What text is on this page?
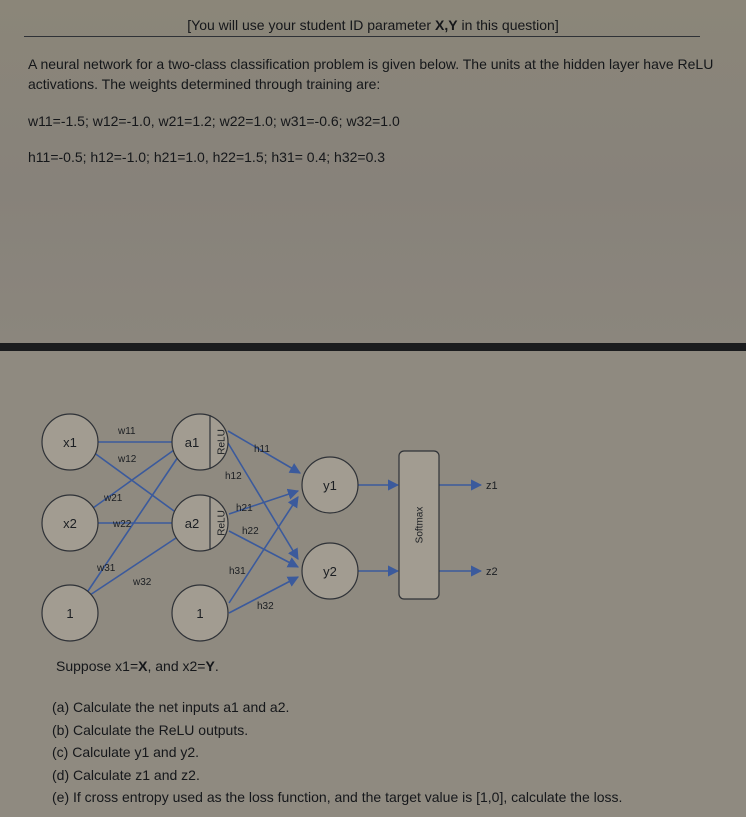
[You will use your student ID parameter X,Y in this question]
A neural network for a two-class classification problem is given below. The units at the hidden layer have ReLU activations. The weights determined through training are:
w11=-1.5; w12=-1.0, w21=1.2; w22=1.0; w31=-0.6; w32=1.0
h11=-0.5; h12=-1.0; h21=1.0, h22=1.5; h31= 0.4; h32=0.3
x1
x2
1
a1
a2
1
y1
y2
ReLU
ReLU	Softmax
z1
z2
w11
w12
w21
w22
w31
w32
h11
h12
h21
h22
h31
h32
Suppose x1=X, and x2=Y.
(a) Calculate the net inputs a1 and a2.
(b) Calculate the ReLU outputs.
(c) Calculate y1 and y2.
(d) Calculate z1 and z2.
(e) If cross entropy used as the loss function, and the target value is [1,0], calculate the loss.
